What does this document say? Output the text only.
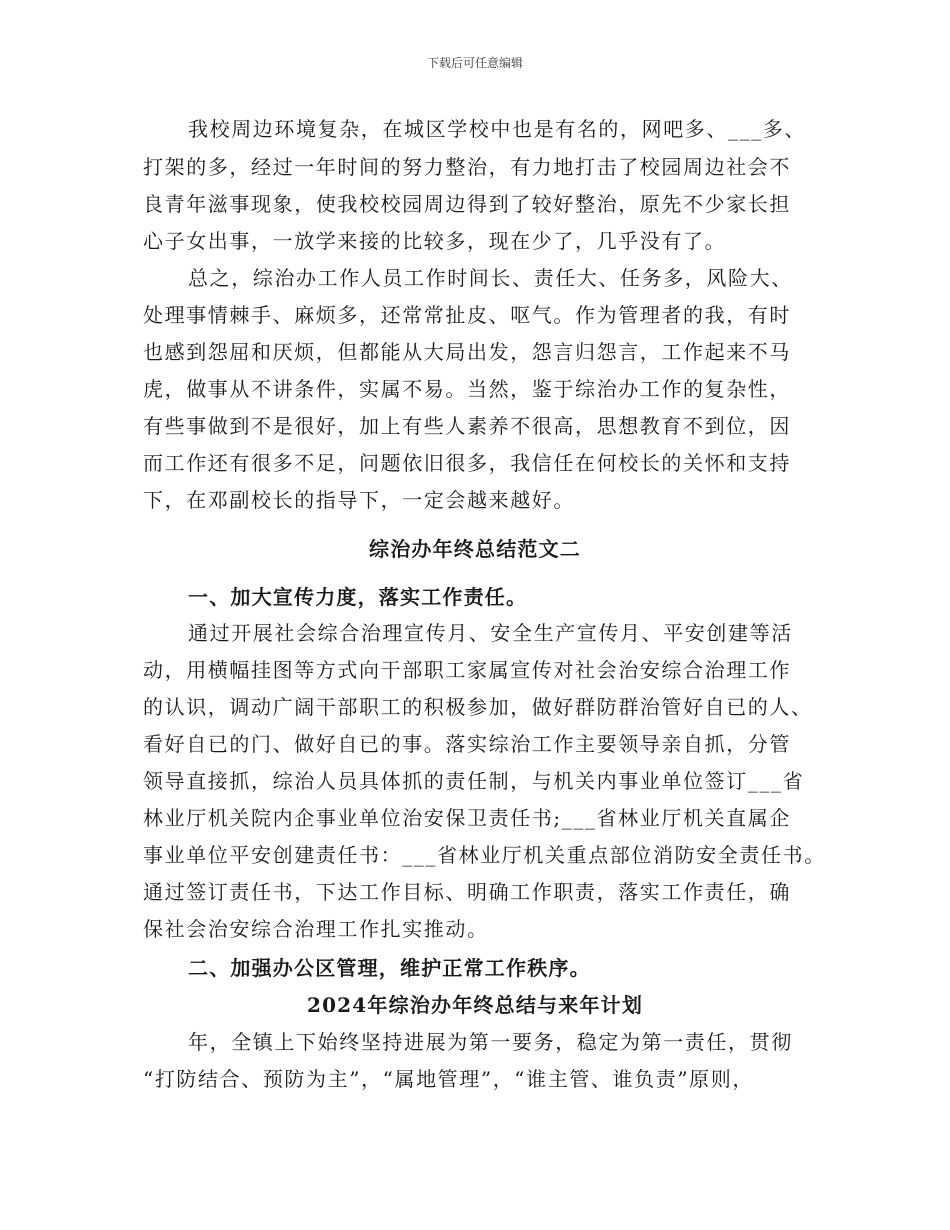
下载后可任意编辑
我校周边环境复杂，在城区学校中也是有名的，网吧多、___多、
打架的多，经过一年时间的努力整治，有力地打击了校园周边社会不
良青年滋事现象，使我校校园周边得到了较好整治，原先不少家长担
心子女出事，一放学来接的比较多，现在少了，几乎没有了。
总之，综治办工作人员工作时间长、责任大、任务多，风险大、
处理事情棘手、麻烦多，还常常扯皮、呕气。作为管理者的我，有时
也感到怨屈和厌烦，但都能从大局出发，怨言归怨言，工作起来不马
虎，做事从不讲条件，实属不易。当然，鉴于综治办工作的复杂性，
有些事做到不是很好，加上有些人素养不很高，思想教育不到位，因
而工作还有很多不足，问题依旧很多，我信任在何校长的关怀和支持
下，在邓副校长的指导下，一定会越来越好。
综治办年终总结范文二
一、加大宣传力度，落实工作责任。
通过开展社会综合治理宣传月、安全生产宣传月、平安创建等活
动，用横幅挂图等方式向干部职工家属宣传对社会治安综合治理工作
的认识，调动广阔干部职工的积极参加，做好群防群治管好自已的人、
看好自已的门、做好自已的事。落实综治工作主要领导亲自抓，分管
领导直接抓，综治人员具体抓的责任制，与机关内事业单位签订___省
林业厅机关院内企事业单位治安保卫责任书;___省林业厅机关直属企
事业单位平安创建责任书：___省林业厅机关重点部位消防安全责任书。
通过签订责任书，下达工作目标、明确工作职责，落实工作责任，确
保社会治安综合治理工作扎实推动。
二、加强办公区管理，维护正常工作秩序。
2024年综治办年终总结与来年计划
年，全镇上下始终坚持进展为第一要务，稳定为第一责任，贯彻
“打防结合、预防为主”，“属地管理”，“谁主管、谁负责”原则，
